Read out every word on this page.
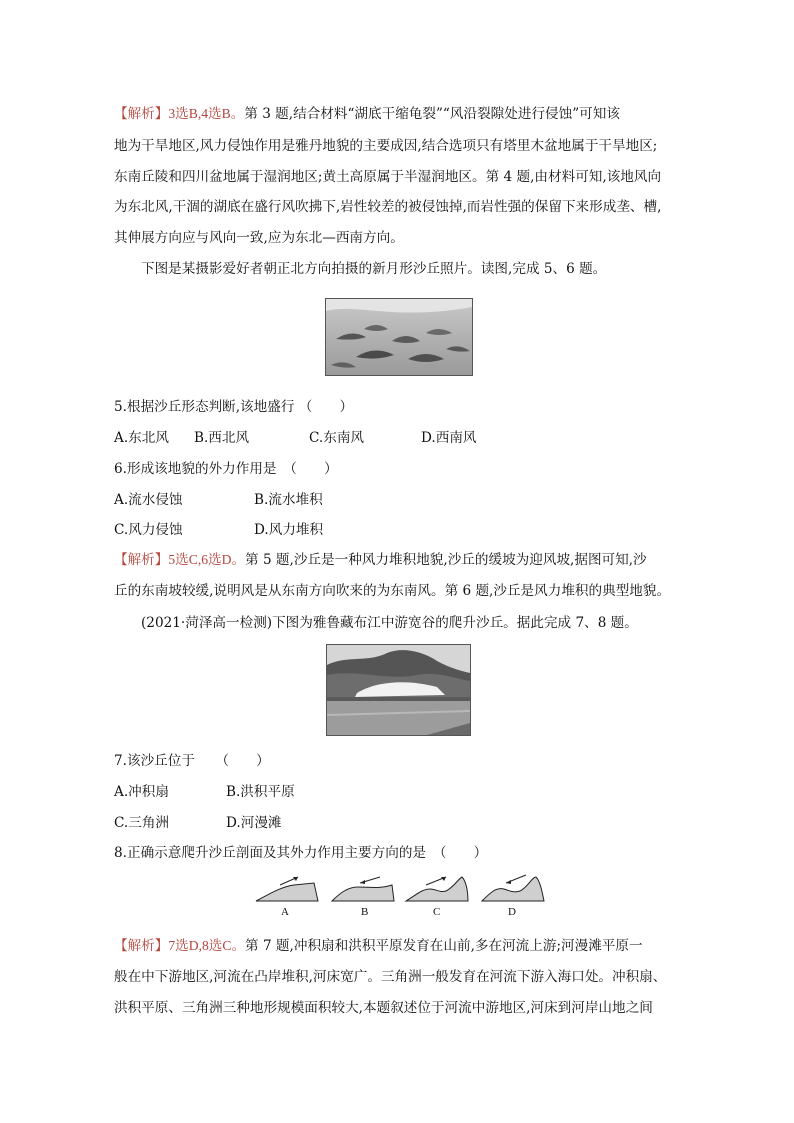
【解析】3选B,4选B。第 3 题,结合材料“湖底干缩龟裂”“风沿裂隙处进行侵蚀”可知该
地为干旱地区,风力侵蚀作用是雅丹地貌的主要成因,结合选项只有塔里木盆地属于干旱地区;
东南丘陵和四川盆地属于湿润地区;黄土高原属于半湿润地区。第 4 题,由材料可知,该地风向
为东北风,干涸的湖底在盛行风吹拂下,岩性较差的被侵蚀掉,而岩性强的保留下来形成垄、槽,
其伸展方向应与风向一致,应为东北—西南方向。
下图是某摄影爱好者朝正北方向拍摄的新月形沙丘照片。读图,完成 5、6 题。
5.根据沙丘形态判断,该地盛行 （　　）
A.东北风 B.西北风	C.东南风	D.西南风
6.形成该地貌的外力作用是　（　　）
A.流水侵蚀	B.流水堆积
C.风力侵蚀	D.风力堆积
【解析】5选C,6选D。第 5 题,沙丘是一种风力堆积地貌,沙丘的缓坡为迎风坡,据图可知,沙
丘的东南坡较缓,说明风是从东南方向吹来的为东南风。第 6 题,沙丘是风力堆积的典型地貌。
(2021·菏泽高一检测)下图为雅鲁藏布江中游宽谷的爬升沙丘。据此完成 7、8 题。
7.该沙丘位于　　（　　）
A.冲积扇	B.洪积平原
C.三角洲	D.河漫滩
8.正确示意爬升沙丘剖面及其外力作用主要方向的是　（　　）
A	B	C	D
【解析】7选D,8选C。第 7 题,冲积扇和洪积平原发育在山前,多在河流上游;河漫滩平原一
般在中下游地区,河流在凸岸堆积,河床宽广。三角洲一般发育在河流下游入海口处。冲积扇、
洪积平原、三角洲三种地形规模面积较大,本题叙述位于河流中游地区,河床到河岸山地之间
